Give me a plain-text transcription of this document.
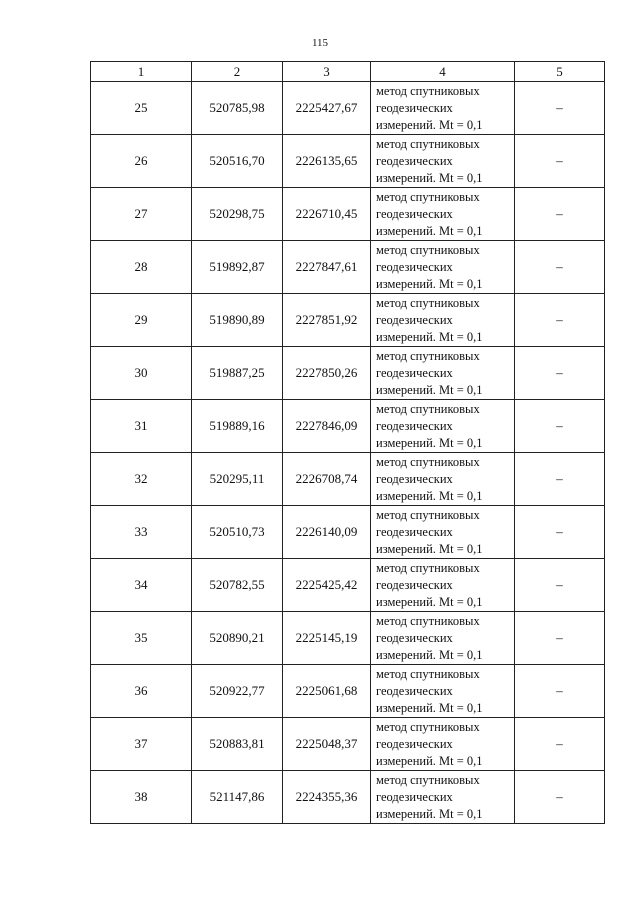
115
1	2	3	4	5
25	520785,98	2225427,67	метод спутниковых
геодезических
измерений. Mt = 0,1	–
26	520516,70	2226135,65	метод спутниковых
геодезических
измерений. Mt = 0,1	–
27	520298,75	2226710,45	метод спутниковых
геодезических
измерений. Mt = 0,1	–
28	519892,87	2227847,61	метод спутниковых
геодезических
измерений. Mt = 0,1	–
29	519890,89	2227851,92	метод спутниковых
геодезических
измерений. Mt = 0,1	–
30	519887,25	2227850,26	метод спутниковых
геодезических
измерений. Mt = 0,1	–
31	519889,16	2227846,09	метод спутниковых
геодезических
измерений. Mt = 0,1	–
32	520295,11	2226708,74	метод спутниковых
геодезических
измерений. Mt = 0,1	–
33	520510,73	2226140,09	метод спутниковых
геодезических
измерений. Mt = 0,1	–
34	520782,55	2225425,42	метод спутниковых
геодезических
измерений. Mt = 0,1	–
35	520890,21	2225145,19	метод спутниковых
геодезических
измерений. Mt = 0,1	–
36	520922,77	2225061,68	метод спутниковых
геодезических
измерений. Mt = 0,1	–
37	520883,81	2225048,37	метод спутниковых
геодезических
измерений. Mt = 0,1	–
38	521147,86	2224355,36	метод спутниковых
геодезических
измерений. Mt = 0,1	–
